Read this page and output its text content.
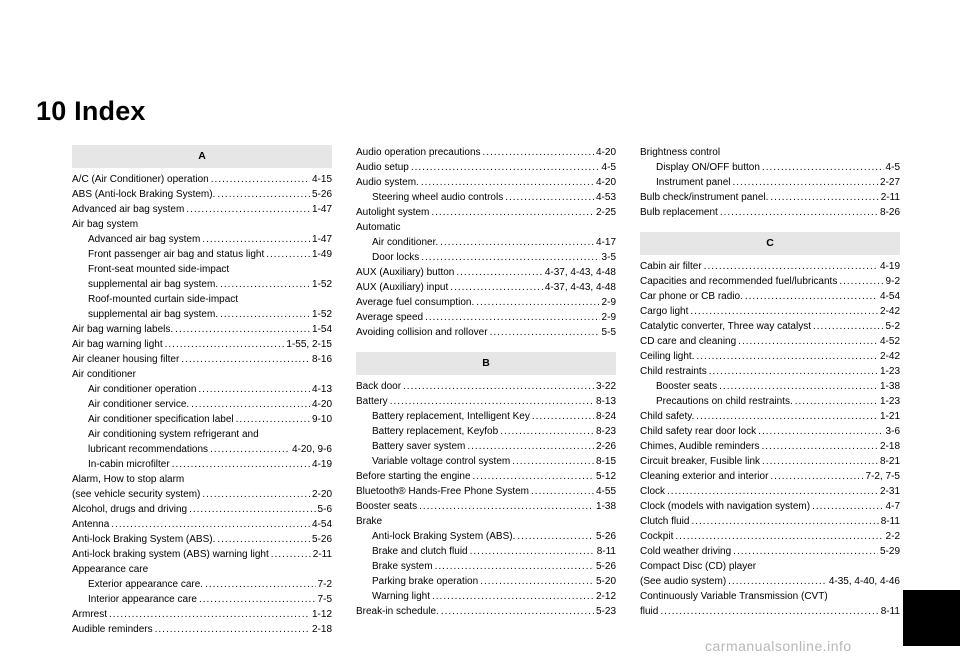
10 Index
A
A/C (Air Conditioner) operation .....	4-15
ABS (Anti-lock Braking System). .....	5-26
Advanced air bag system .....	1-47
Air bag system
Advanced air bag system .....	1-47
Front passenger air bag and status light .....	1-49
Front-seat mounted side-impact
supplemental air bag system. .....	1-52
Roof-mounted curtain side-impact
supplemental air bag system. .....	1-52
Air bag warning labels. .....	1-54
Air bag warning light .....	1-55, 2-15
Air cleaner housing filter .....	8-16
Air conditioner
Air conditioner operation .....	4-13
Air conditioner service. .....	4-20
Air conditioner specification label .....	9-10
Air conditioning system refrigerant and
lubricant recommendations .....	4-20, 9-6
In-cabin microfilter .....	4-19
Alarm, How to stop alarm
(see vehicle security system) .....	2-20
Alcohol, drugs and driving .....	5-6
Antenna .....	4-54
Anti-lock Braking System (ABS). .....	5-26
Anti-lock braking system (ABS) warning light .....	2-11
Appearance care
Exterior appearance care. .....	7-2
Interior appearance care .....	7-5
Armrest .....	1-12
Audible reminders .....	2-18
Audio operation precautions .....	4-20
Audio setup .....	4-5
Audio system. .....	4-20
Steering wheel audio controls .....	4-53
Autolight system .....	2-25
Automatic
Air conditioner. .....	4-17
Door locks .....	3-5
AUX (Auxiliary) button .....	4-37, 4-43, 4-48
AUX (Auxiliary) input .....	4-37, 4-43, 4-48
Average fuel consumption. .....	2-9
Average speed .....	2-9
Avoiding collision and rollover .....	5-5
B
Back door .....	3-22
Battery .....	8-13
Battery replacement, Intelligent Key .....	8-24
Battery replacement, Keyfob .....	8-23
Battery saver system .....	2-26
Variable voltage control system .....	8-15
Before starting the engine .....	5-12
Bluetooth® Hands-Free Phone System .....	4-55
Booster seats .....	1-38
Brake
Anti-lock Braking System (ABS). .....	5-26
Brake and clutch fluid .....	8-11
Brake system .....	5-26
Parking brake operation .....	5-20
Warning light .....	2-12
Break-in schedule. .....	5-23
Brightness control
Display ON/OFF button .....	4-5
Instrument panel .....	2-27
Bulb check/instrument panel. .....	2-11
Bulb replacement .....	8-26
C
Cabin air filter .....	4-19
Capacities and recommended fuel/lubricants .....	9-2
Car phone or CB radio. .....	4-54
Cargo light .....	2-42
Catalytic converter, Three way catalyst .....	5-2
CD care and cleaning .....	4-52
Ceiling light. .....	2-42
Child restraints .....	1-23
Booster seats .....	1-38
Precautions on child restraints. .....	1-23
Child safety. .....	1-21
Child safety rear door lock .....	3-6
Chimes, Audible reminders .....	2-18
Circuit breaker, Fusible link .....	8-21
Cleaning exterior and interior .....	7-2, 7-5
Clock .....	2-31
Clock (models with navigation system) .....	4-7
Clutch fluid .....	8-11
Cockpit .....	2-2
Cold weather driving .....	5-29
Compact Disc (CD) player
(See audio system) .....	4-35, 4-40, 4-46
Continuously Variable Transmission (CVT)
fluid .....	8-11
carmanualsonline.info
